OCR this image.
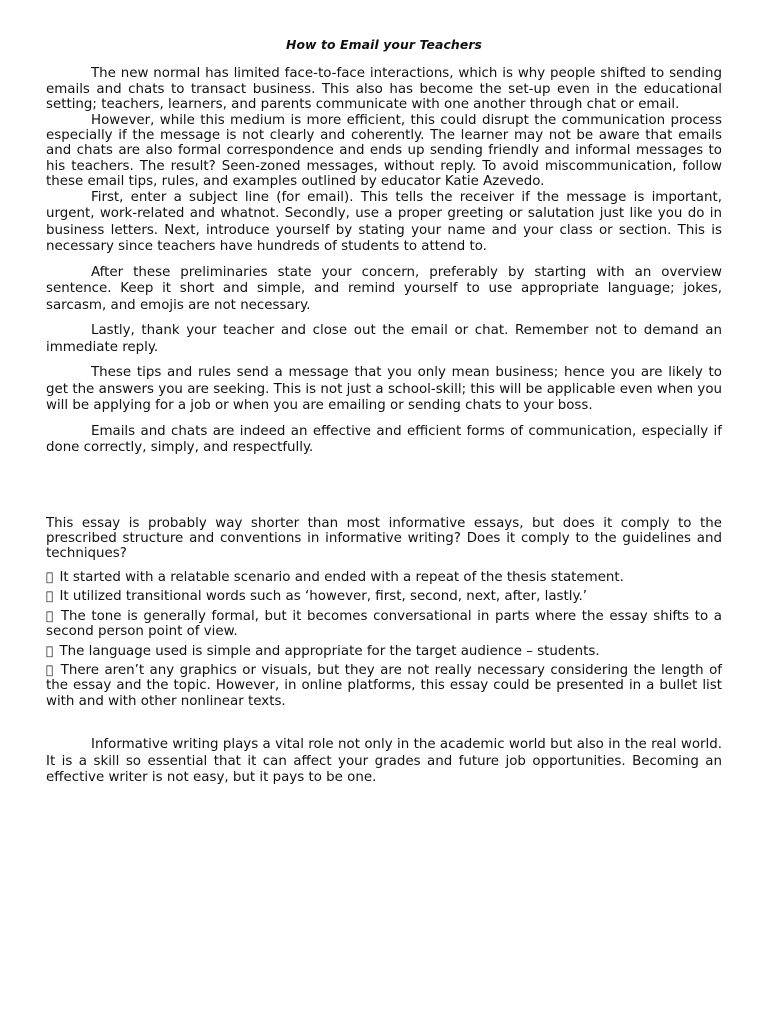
How to Email your Teachers

The new normal has limited face-to-face interactions, which is why people shifted to sending emails and chats to transact business. This also has become the set-up even in the educational setting; teachers, learners, and parents communicate with one another through chat or email.

However, while this medium is more efficient, this could disrupt the communication process especially if the message is not clearly and coherently. The learner may not be aware that emails and chats are also formal correspondence and ends up sending friendly and informal messages to his teachers. The result? Seen-zoned messages, without reply. To avoid miscommunication, follow these email tips, rules, and examples outlined by educator Katie Azevedo.

First, enter a subject line (for email). This tells the receiver if the message is important, urgent, work-related and whatnot. Secondly, use a proper greeting or salutation just like you do in business letters. Next, introduce yourself by stating your name and your class or section. This is necessary since teachers have hundreds of students to attend to.

After these preliminaries state your concern, preferably by starting with an overview sentence. Keep it short and simple, and remind yourself to use appropriate language; jokes, sarcasm, and emojis are not necessary.

Lastly, thank your teacher and close out the email or chat. Remember not to demand an immediate reply.

These tips and rules send a message that you only mean business; hence you are likely to get the answers you are seeking. This is not just a school-skill; this will be applicable even when you will be applying for a job or when you are emailing or sending chats to your boss.

Emails and chats are indeed an effective and efficient forms of communication, especially if done correctly, simply, and respectfully.

This essay is probably way shorter than most informative essays, but does it comply to the prescribed structure and conventions in informative writing? Does it comply to the guidelines and techniques?

It started with a relatable scenario and ended with a repeat of the thesis statement.
It utilized transitional words such as ‘however, first, second, next, after, lastly.’
The tone is generally formal, but it becomes conversational in parts where the essay shifts to a second person point of view.
The language used is simple and appropriate for the target audience – students.
There aren’t any graphics or visuals, but they are not really necessary considering the length of the essay and the topic. However, in online platforms, this essay could be presented in a bullet list with and with other nonlinear texts.

Informative writing plays a vital role not only in the academic world but also in the real world. It is a skill so essential that it can affect your grades and future job opportunities. Becoming an effective writer is not easy, but it pays to be one.
